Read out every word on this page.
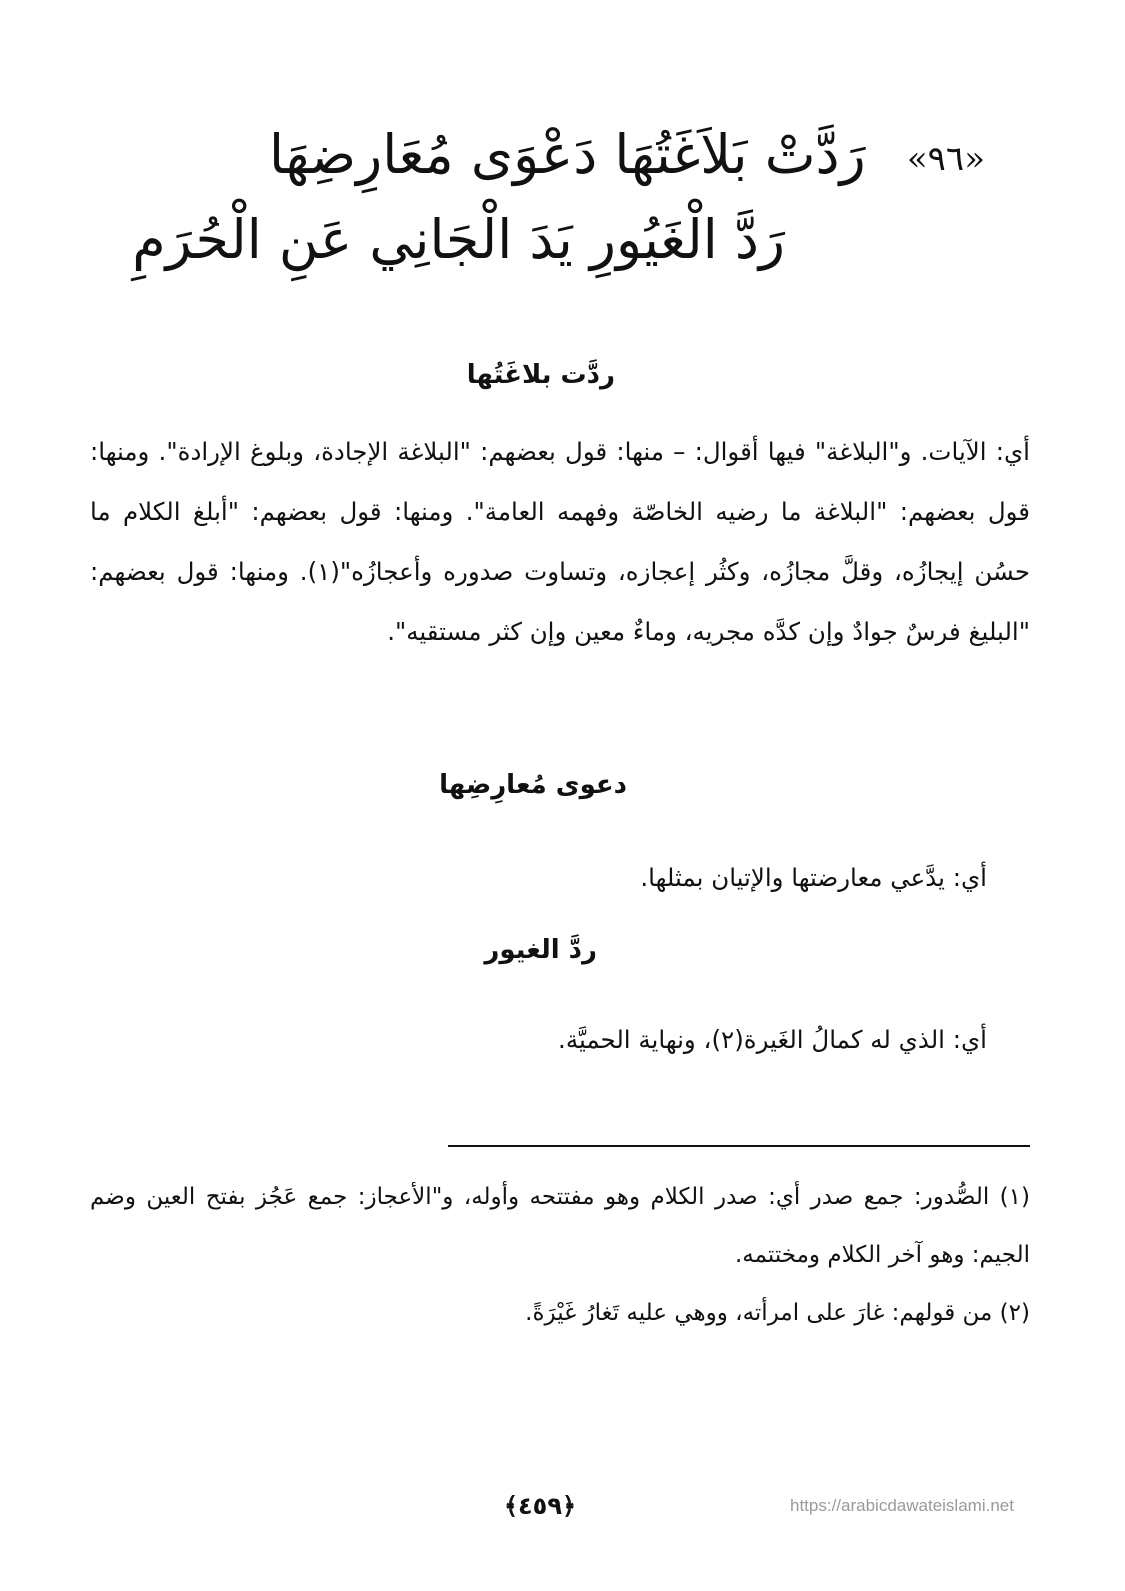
«٩٦» رَدَّتْ بَلاَغَتُهَا دَعْوَى مُعَارِضِهَا
رَدَّ الْغَيُورِ يَدَ الْجَانِي عَنِ الْحُرَمِ
ردَّت بلاغَتُها
أي: الآيات. و"البلاغة" فيها أقوال: – منها: قول بعضهم: "البلاغة الإجادة، وبلوغ الإرادة". ومنها: قول بعضهم: "البلاغة ما رضيه الخاصّة وفهمه العامة". ومنها: قول بعضهم: "أبلغ الكلام ما حسُن إيجازُه، وقلَّ مجازُه، وكثُر إعجازه، وتساوت صدوره وأعجازُه"(١). ومنها: قول بعضهم: "البليغ فرسٌ جوادٌ وإن كدَّه مجريه، وماءٌ معين وإن كثر مستقيه".
دعوى مُعارِضِها
أي: يدَّعي معارضتها والإتيان بمثلها.
ردَّ الغيور
أي: الذي له كمالُ الغَيرة(٢)، ونهاية الحميَّة.
(١) الصُّدور: جمع صدر أي: صدر الكلام وهو مفتتحه وأوله، و"الأعجاز: جمع عَجُز بفتح العين وضم الجيم: وهو آخر الكلام ومختتمه.
(٢) من قولهم: غارَ على امرأته، ووهي عليه تَغارُ غَيْرَةً.
﴿٤٥٩﴾	https://arabicdawateislami.net
